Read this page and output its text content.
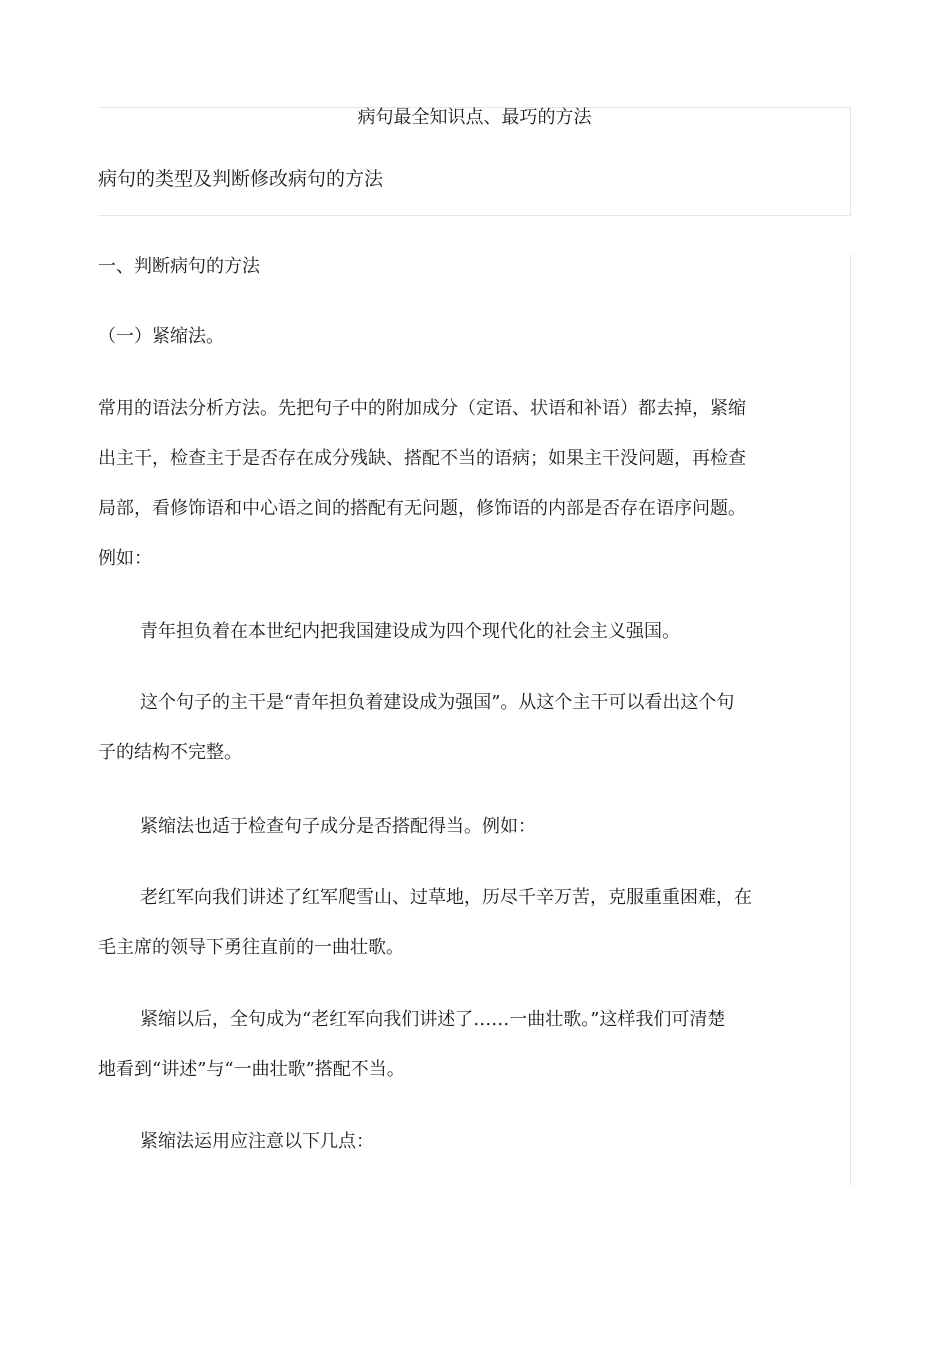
病句最全知识点、最巧的方法
病句的类型及判断修改病句的方法
一、判断病句的方法
（一）紧缩法。

常用的语法分析方法。先把句子中的附加成分（定语、状语和补语）都去掉，紧缩
出主干，检查主于是否存在成分残缺、搭配不当的语病；如果主干没问题，再检查
局部，看修饰语和中心语之间的搭配有无问题，修饰语的内部是否存在语序问题。
例如：

青年担负着在本世纪内把我国建设成为四个现代化的社会主义强国。

这个句子的主干是“青年担负着建设成为强国”。从这个主干可以看出这个句
子的结构不完整。

紧缩法也适于检查句子成分是否搭配得当。例如：

老红军向我们讲述了红军爬雪山、过草地，历尽千辛万苦，克服重重困难，在
毛主席的领导下勇往直前的一曲壮歌。

紧缩以后，全句成为“老红军向我们讲述了……一曲壮歌。”这样我们可清楚
地看到“讲述”与“一曲壮歌”搭配不当。

紧缩法运用应注意以下几点：
